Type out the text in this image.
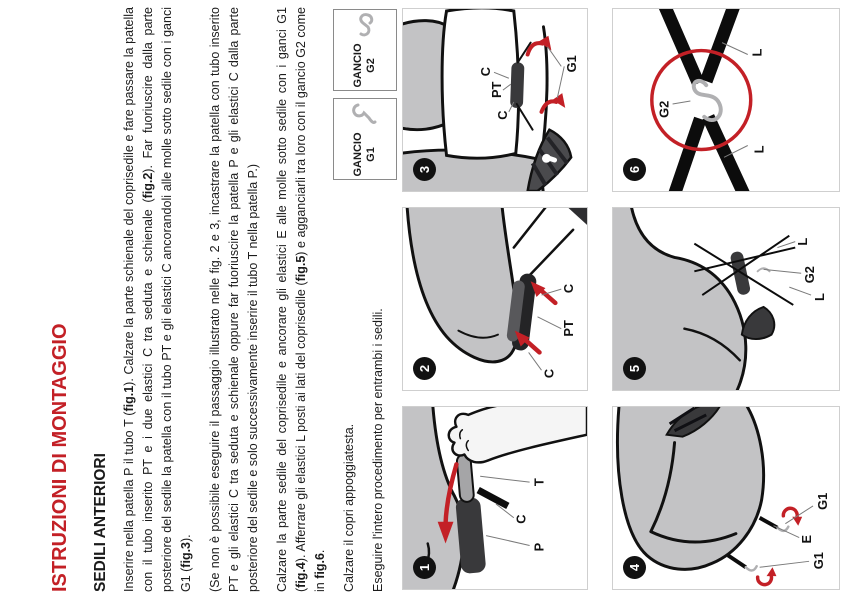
ISTRUZIONI DI MONTAGGIO SEDILI ANTERIORI Inserire nella patella P il tubo T (fig.1). Calzare la parte schienale del coprisedile e fare passare la patella con il tubo inserito PT e i due elastici C tra seduta e schienale (fig.2). Far fuoriuscire dalla parte posteriore del sedile la patella con il tubo PT e gli elastici C ancorandoli alle molle sotto sedile con i ganci G1 (fig.3). (Se non è possibile eseguire il passaggio illustrato nelle fig. 2 e 3, incastrare la patella con tubo inserito PT e gli elastici C tra seduta e schienale oppure far fuoriuscire la patella P e gli elastici C dalla parte posteriore del sedile e solo successivamente inserire il tubo T nella patella P.) Calzare la parte sedile del coprisedile e ancorare gli elastici E alle molle sotto sedile con i ganci G1 (fig.4). Afferrare gli elastici L posti ai lati del coprisedile (fig.5) e agganciarli tra loro con il gancio G2 come in fig.6. Calzare il copri appoggiatesta. Eseguire l'intero procedimento per entrambi i sedili.

GANCIO G1
GANCIO G2
T
C
P
1
C
PT
C
2
C
PT
C
G1
3
E
G1
G1
4
L
G2
L
5
L
G2
L
6
